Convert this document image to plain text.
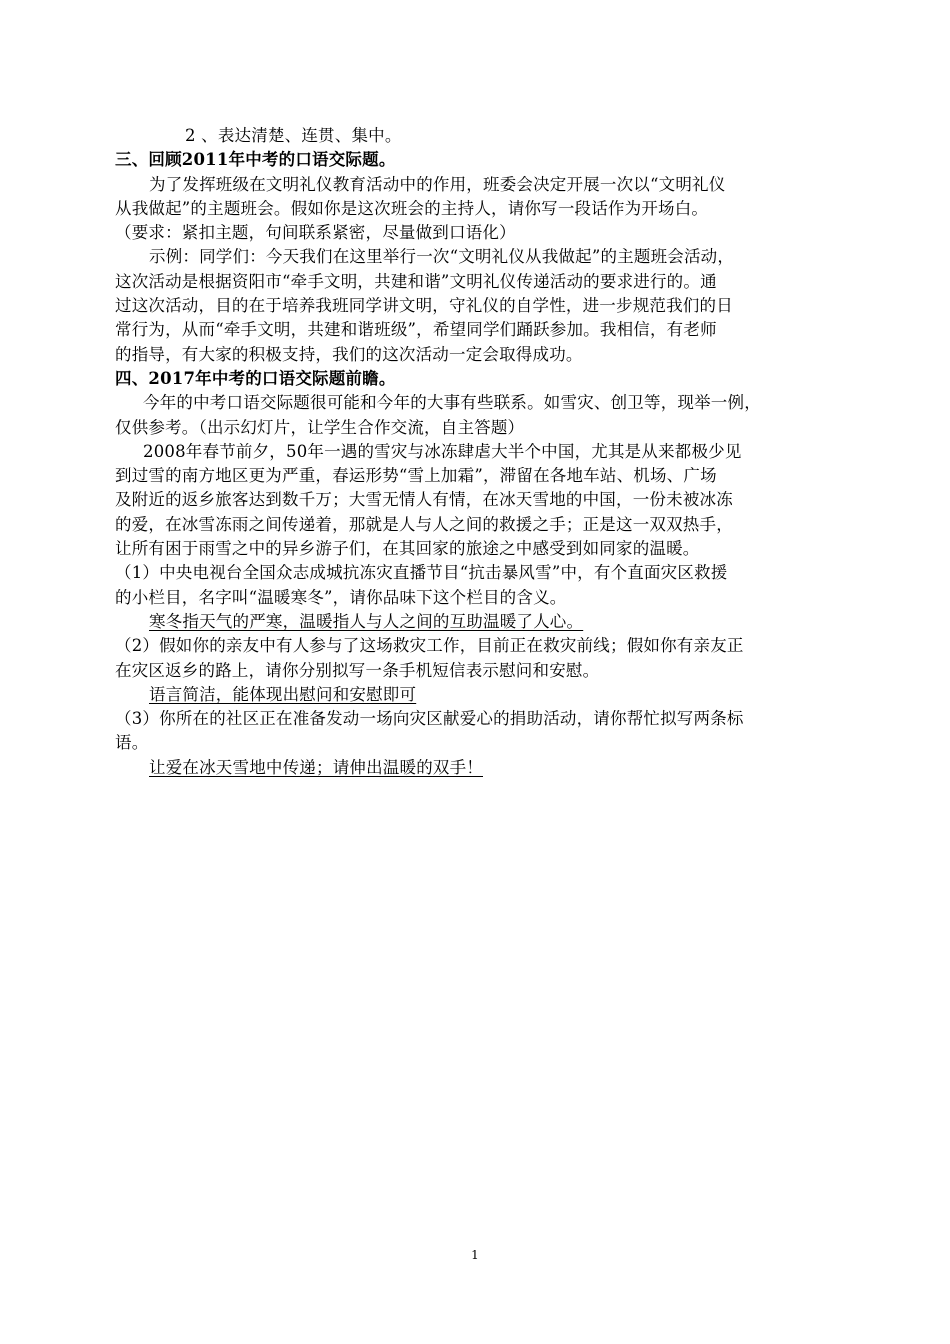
2 、表达清楚、连贯、集中。
三、回顾2011年中考的口语交际题。
为了发挥班级在文明礼仪教育活动中的作用，班委会决定开展一次以“文明礼仪
从我做起”的主题班会。假如你是这次班会的主持人，请你写一段话作为开场白。
（要求：紧扣主题，句间联系紧密，尽量做到口语化）
示例：同学们：今天我们在这里举行一次“文明礼仪从我做起”的主题班会活动，
这次活动是根据资阳市“牵手文明，共建和谐”文明礼仪传递活动的要求进行的。通
过这次活动，目的在于培养我班同学讲文明，守礼仪的自学性，进一步规范我们的日
常行为，从而“牵手文明，共建和谐班级”，希望同学们踊跃参加。我相信，有老师
的指导，有大家的积极支持，我们的这次活动一定会取得成功。
四、2017年中考的口语交际题前瞻。
今年的中考口语交际题很可能和今年的大事有些联系。如雪灾、创卫等，现举一例，
仅供参考。（出示幻灯片，让学生合作交流，自主答题）
2008年春节前夕，50年一遇的雪灾与冰冻肆虐大半个中国，尤其是从来都极少见
到过雪的南方地区更为严重，春运形势“雪上加霜”，滞留在各地车站、机场、广场
及附近的返乡旅客达到数千万；大雪无情人有情，在冰天雪地的中国，一份未被冰冻
的爱，在冰雪冻雨之间传递着，那就是人与人之间的救援之手；正是这一双双热手，
让所有困于雨雪之中的异乡游子们，在其回家的旅途之中感受到如同家的温暖。
（1）中央电视台全国众志成城抗冻灾直播节目“抗击暴风雪”中，有个直面灾区救援
的小栏目，名字叫“温暖寒冬”，请你品味下这个栏目的含义。
寒冬指天气的严寒，温暖指人与人之间的互助温暖了人心。
（2）假如你的亲友中有人参与了这场救灾工作，目前正在救灾前线；假如你有亲友正
在灾区返乡的路上，请你分别拟写一条手机短信表示慰问和安慰。
语言简洁，能体现出慰问和安慰即可
（3）你所在的社区正在准备发动一场向灾区献爱心的捐助活动，请你帮忙拟写两条标
语。
让爱在冰天雪地中传递；请伸出温暖的双手！
1
